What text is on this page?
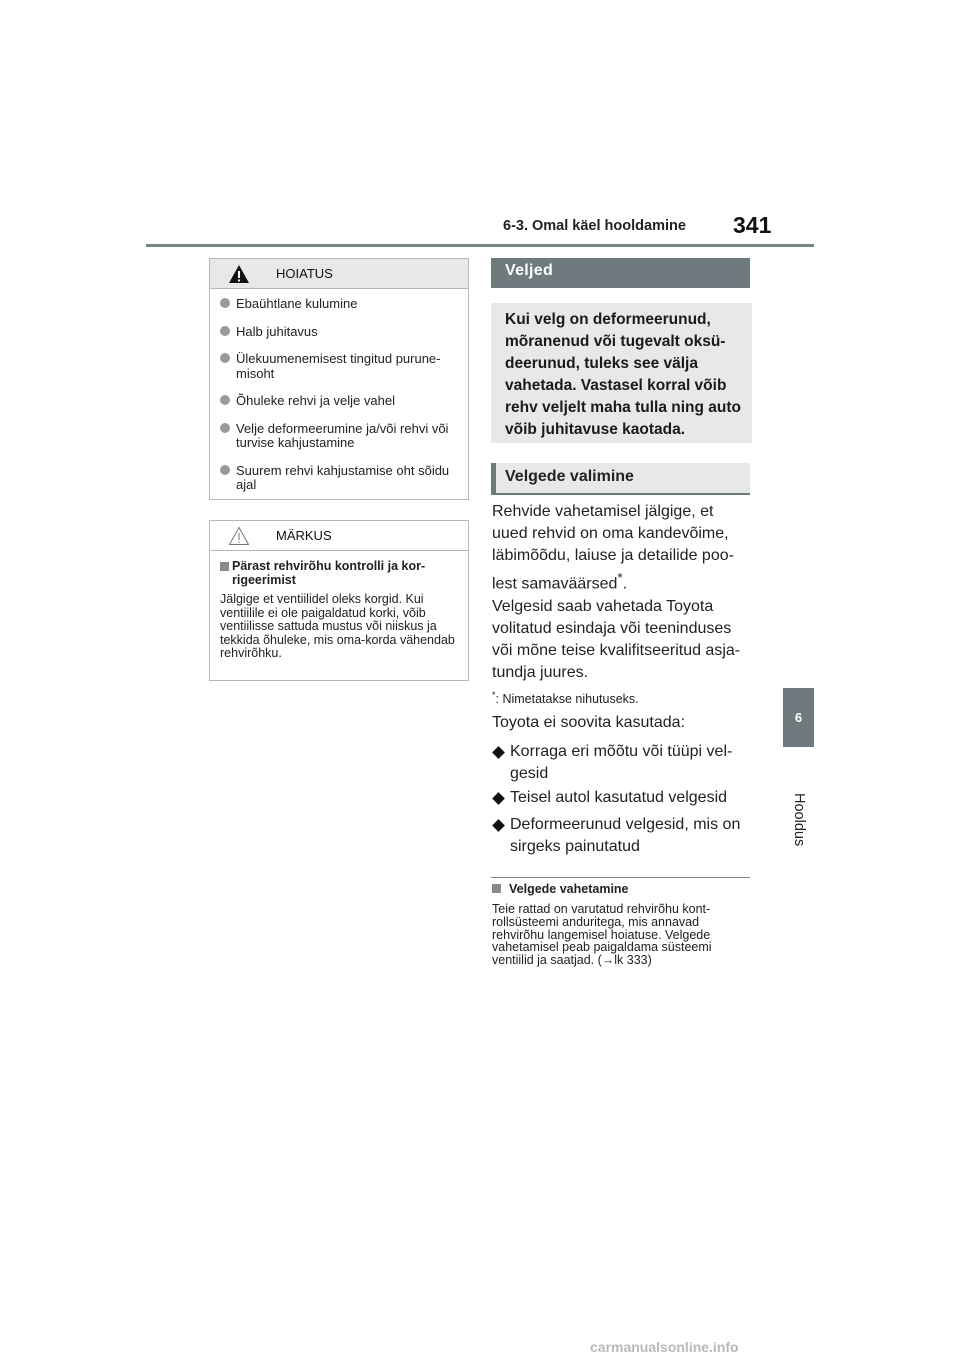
6-3. Omal käel hooldamine 341
6
Hooldus
HOIATUS
Ebaühtlane kulumine
Halb juhitavus
Ülekuumenemisest tingitud purune-misoht
Õhuleke rehvi ja velje vahel
Velje deformeerumine ja/või rehvi või turvise kahjustamine
Suurem rehvi kahjustamise oht sõidu ajal
MÄRKUS
Pärast rehvirõhu kontrolli ja kor-rigeerimist
Jälgige et ventiilidel oleks korgid. Kui ventiilile ei ole paigaldatud korki, võib ventiilisse sattuda mustus või niiskus ja tekkida õhuleke, mis oma-korda vähendab rehvirõhku.
Veljed
Kui velg on deformeerunud, mõranenud või tugevalt oksü-deerunud, tuleks see välja vahetada. Vastasel korral võib rehv veljelt maha tulla ning auto võib juhitavuse kaotada.
Velgede valimine
Rehvide vahetamisel jälgige, et uued rehvid on oma kandevõime, läbimõõdu, laiuse ja detailide poo-lest samaväärsed*.
Velgesid saab vahetada Toyota volitatud esindaja või teeninduses või mõne teise kvalifitseeritud asja-tundja juures.
*: Nimetatakse nihutuseks.
Toyota ei soovita kasutada:
Korraga eri mõõtu või tüüpi vel-gesid
Teisel autol kasutatud velgesid
Deformeerunud velgesid, mis on sirgeks painutatud
Velgede vahetamine
Teie rattad on varutatud rehvirõhu kont-rollsüsteemi anduritega, mis annavad rehvirõhu langemisel hoiatuse. Velgede vahetamisel peab paigaldama süsteemi ventiilid ja saatjad. (→lk 333)
carmanualsonline.info
